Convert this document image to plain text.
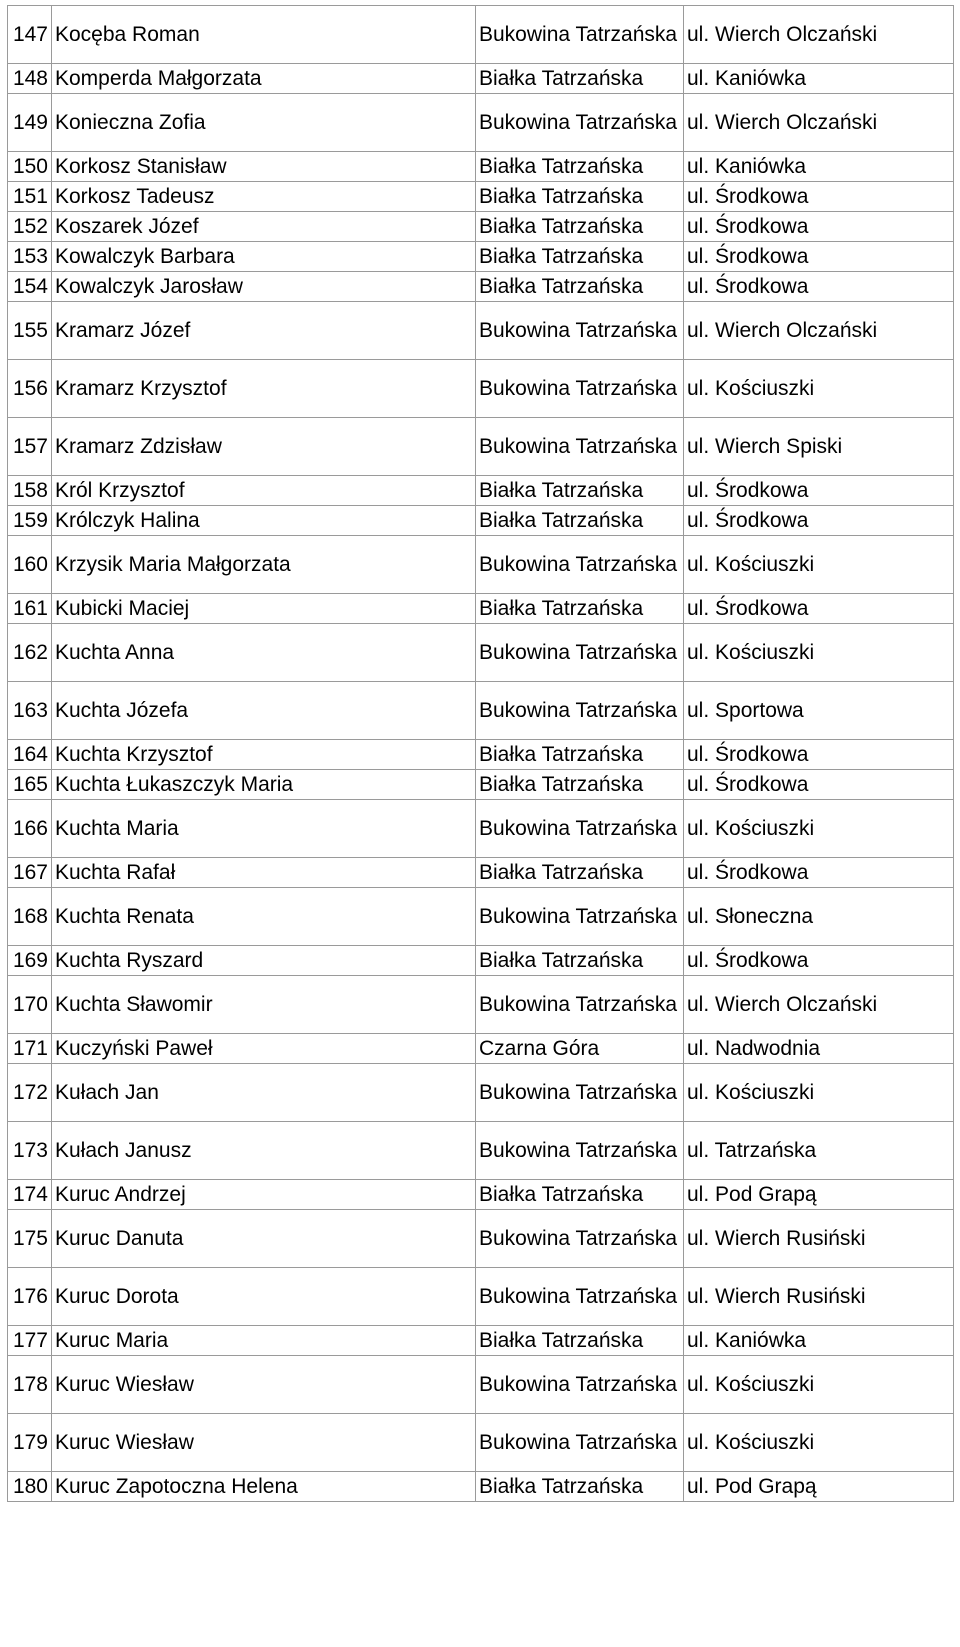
147	Kocęba Roman	Bukowina Tatrzańska	ul. Wierch Olczański
148	Komperda Małgorzata	Białka Tatrzańska	ul. Kaniówka
149	Konieczna Zofia	Bukowina Tatrzańska	ul. Wierch Olczański
150	Korkosz Stanisław	Białka Tatrzańska	ul. Kaniówka
151	Korkosz Tadeusz	Białka Tatrzańska	ul. Środkowa
152	Koszarek Józef	Białka Tatrzańska	ul. Środkowa
153	Kowalczyk Barbara	Białka Tatrzańska	ul. Środkowa
154	Kowalczyk Jarosław	Białka Tatrzańska	ul. Środkowa
155	Kramarz Józef	Bukowina Tatrzańska	ul. Wierch Olczański
156	Kramarz Krzysztof	Bukowina Tatrzańska	ul. Kościuszki
157	Kramarz Zdzisław	Bukowina Tatrzańska	ul. Wierch Spiski
158	Król Krzysztof	Białka Tatrzańska	ul. Środkowa
159	Królczyk Halina	Białka Tatrzańska	ul. Środkowa
160	Krzysik Maria Małgorzata	Bukowina Tatrzańska	ul. Kościuszki
161	Kubicki Maciej	Białka Tatrzańska	ul. Środkowa
162	Kuchta Anna	Bukowina Tatrzańska	ul. Kościuszki
163	Kuchta Józefa	Bukowina Tatrzańska	ul. Sportowa
164	Kuchta Krzysztof	Białka Tatrzańska	ul. Środkowa
165	Kuchta Łukaszczyk Maria	Białka Tatrzańska	ul. Środkowa
166	Kuchta Maria	Bukowina Tatrzańska	ul. Kościuszki
167	Kuchta Rafał	Białka Tatrzańska	ul. Środkowa
168	Kuchta Renata	Bukowina Tatrzańska	ul. Słoneczna
169	Kuchta Ryszard	Białka Tatrzańska	ul. Środkowa
170	Kuchta Sławomir	Bukowina Tatrzańska	ul. Wierch Olczański
171	Kuczyński Paweł	Czarna Góra	ul. Nadwodnia
172	Kułach Jan	Bukowina Tatrzańska	ul. Kościuszki
173	Kułach Janusz	Bukowina Tatrzańska	ul. Tatrzańska
174	Kuruc Andrzej	Białka Tatrzańska	ul. Pod Grapą
175	Kuruc Danuta	Bukowina Tatrzańska	ul. Wierch Rusiński
176	Kuruc Dorota	Bukowina Tatrzańska	ul. Wierch Rusiński
177	Kuruc Maria	Białka Tatrzańska	ul. Kaniówka
178	Kuruc Wiesław	Bukowina Tatrzańska	ul. Kościuszki
179	Kuruc Wiesław	Bukowina Tatrzańska	ul. Kościuszki
180	Kuruc Zapotoczna Helena	Białka Tatrzańska	ul. Pod Grapą
